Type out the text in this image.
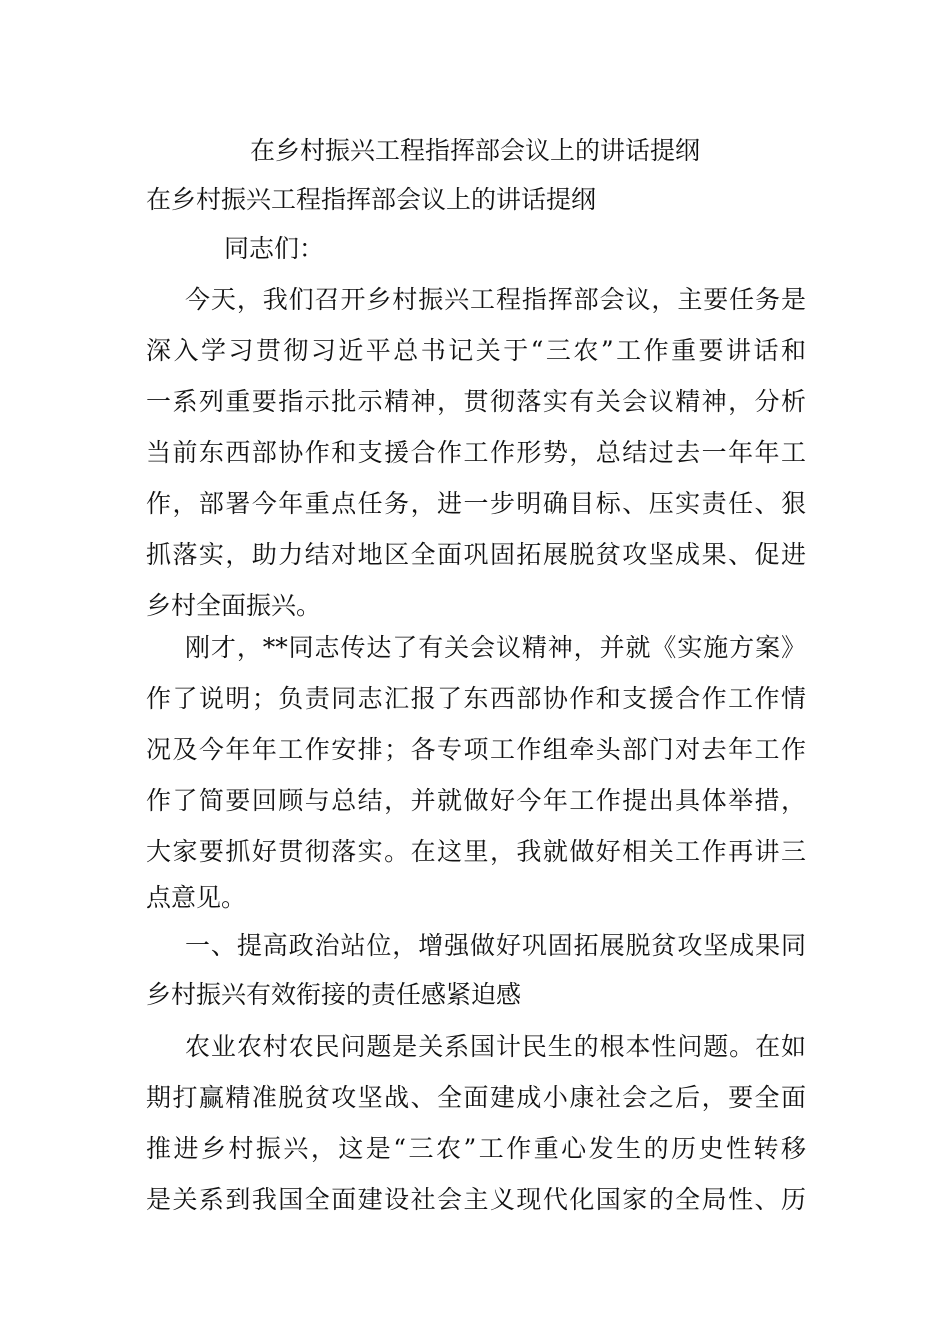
在乡村振兴工程指挥部会议上的讲话提纲
在乡村振兴工程指挥部会议上的讲话提纲
同志们：
今天，我们召开乡村振兴工程指挥部会议，主要任务是
深入学习贯彻习近平总书记关于“三农”工作重要讲话和
一系列重要指示批示精神，贯彻落实有关会议精神，分析
当前东西部协作和支援合作工作形势，总结过去一年年工
作，部署今年重点任务，进一步明确目标、压实责任、狠
抓落实，助力结对地区全面巩固拓展脱贫攻坚成果、促进
乡村全面振兴。
刚才，**同志传达了有关会议精神，并就《实施方案》
作了说明；负责同志汇报了东西部协作和支援合作工作情
况及今年年工作安排；各专项工作组牵头部门对去年工作
作了简要回顾与总结，并就做好今年工作提出具体举措，
大家要抓好贯彻落实。在这里，我就做好相关工作再讲三
点意见。
一、提高政治站位，增强做好巩固拓展脱贫攻坚成果同
乡村振兴有效衔接的责任感紧迫感
农业农村农民问题是关系国计民生的根本性问题。在如
期打赢精准脱贫攻坚战、全面建成小康社会之后，要全面
推进乡村振兴，这是“三农”工作重心发生的历史性转移
是关系到我国全面建设社会主义现代化国家的全局性、历
